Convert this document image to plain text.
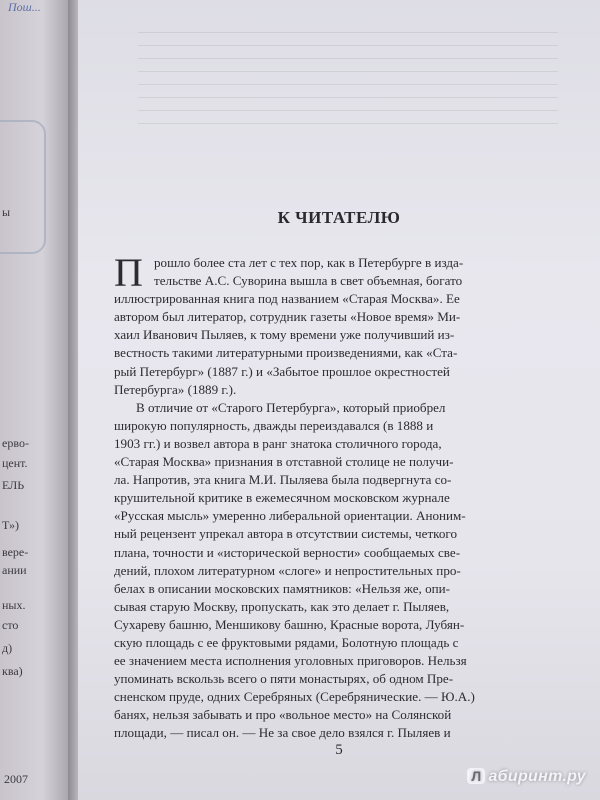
Пош...
ы
ервo-
цент.
ЕЛЬ
Т»)
вере-
ании
ных.
сто
д)
ква)
2007
К ЧИТАТЕЛЮ
П рошло более ста лет с тех пор, как в Петербурге в изда-
тельстве А.С. Суворина вышла в свет объемная, богато
иллюстрированная книга под названием «Старая Москва». Ее
автором был литератор, сотрудник газеты «Новое время» Ми-
хаил Иванович Пыляев, к тому времени уже получивший из-
вестность такими литературными произведениями, как «Ста-
рый Петербург» (1887 г.) и «Забытое прошлое окрестностей
Петербурга» (1889 г.).
В отличие от «Старого Петербурга», который приобрел
широкую популярность, дважды переиздавался (в 1888 и
1903 гг.) и возвел автора в ранг знатока столичного города,
«Старая Москва» признания в отставной столице не получи-
ла. Напротив, эта книга М.И. Пыляева была подвергнута со-
крушительной критике в ежемесячном московском журнале
«Русская мысль» умеренно либеральной ориентации. Аноним-
ный рецензент упрекал автора в отсутствии системы, четкого
плана, точности и «исторической верности» сообщаемых све-
дений, плохом литературном «слоге» и непростительных про-
белах в описании московских памятников: «Нельзя же, опи-
сывая старую Москву, пропускать, как это делает г. Пыляев,
Сухареву башню, Меншикову башню, Красные ворота, Лубян-
скую площадь с ее фруктовыми рядами, Болотную площадь с
ее значением места исполнения уголовных приговоров. Нельзя
упоминать вскользь всего о пяти монастырях, об одном Пре-
сненском пруде, одних Серебряных (Серебрянические. — Ю.А.)
банях, нельзя забывать и про «вольное место» на Солянской
площади, — писал он. — Не за свое дело взялся г. Пыляев и
5
Л абиринт.ру
